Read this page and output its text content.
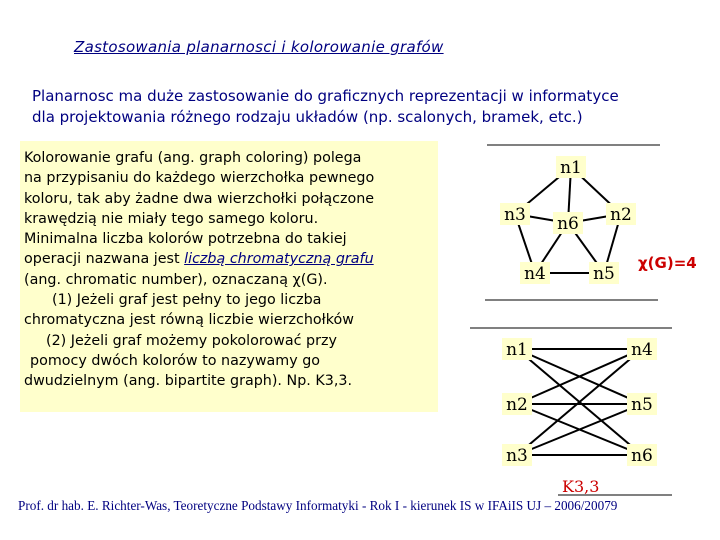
Zastosowania planarnosci i kolorowanie grafów
Planarnosc ma duże zastosowanie do graficznych reprezentacji w informatyce
dla projektowania różnego rodzaju układów (np. scalonych, bramek, etc.)
Kolorowanie grafu (ang. graph coloring) polega
na przypisaniu do każdego wierzchołka pewnego
koloru, tak aby żadne dwa wierzchołki połączone
krawędzią nie miały tego samego koloru.
Minimalna liczba kolorów potrzebna do takiej
operacji nazwana jest liczbą chromatyczną grafu
(ang. chromatic number), oznaczaną χ(G).
(1) Jeżeli graf jest pełny to jego liczba
chromatyczna jest równą liczbie wierzchołków
(2) Jeżeli graf możemy pokolorować przy
pomocy dwóch kolorów to nazywamy go
dwudzielnym (ang. bipartite graph). Np. K3,3.
n1
n2
n3
n4	n5
n6
n1
n2
n3
n4
n5
n6
χ(G)=4
K3,3
Prof. dr hab. E. Richter-Was, Teoretyczne Podstawy Informatyki - Rok I - kierunek IS w IFAiIS UJ – 2006/20079
